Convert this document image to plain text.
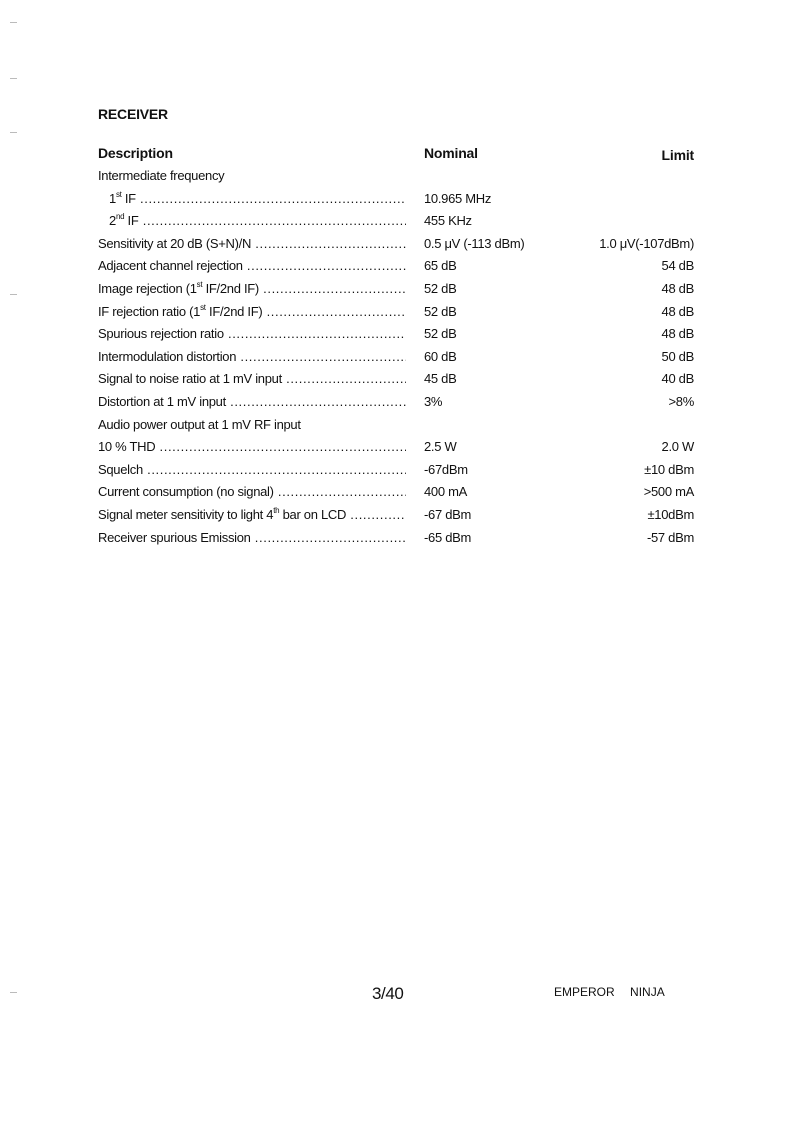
RECEIVER
Description	Nominal	Limit
Intermediate frequency
1st IF .....	10.965 MHz
2nd IF .....	455 KHz
Sensitivity at 20 dB (S+N)/N .....	0.5 μV (-113 dBm)	1.0 μV(-107dBm)
Adjacent channel rejection .....	65 dB	54 dB
Image rejection (1st IF/2nd IF) .....	52 dB	48 dB
IF rejection ratio (1st IF/2nd IF) .....	52 dB	48 dB
Spurious rejection ratio .....	52 dB	48 dB
Intermodulation distortion .....	60 dB	50 dB
Signal to noise ratio at 1 mV input .....	45 dB	40 dB
Distortion at 1 mV input .....	3%	>8%
Audio power output at 1 mV RF input
10 % THD .....	2.5 W	2.0 W
Squelch .....	-67dBm	±10 dBm
Current consumption (no signal) .....	400 mA	>500 mA
Signal meter sensitivity to light 4th bar on LCD .....	-67 dBm	±10dBm
Receiver spurious Emission .....	-65 dBm	-57 dBm
3/40	EMPEROR NINJA
